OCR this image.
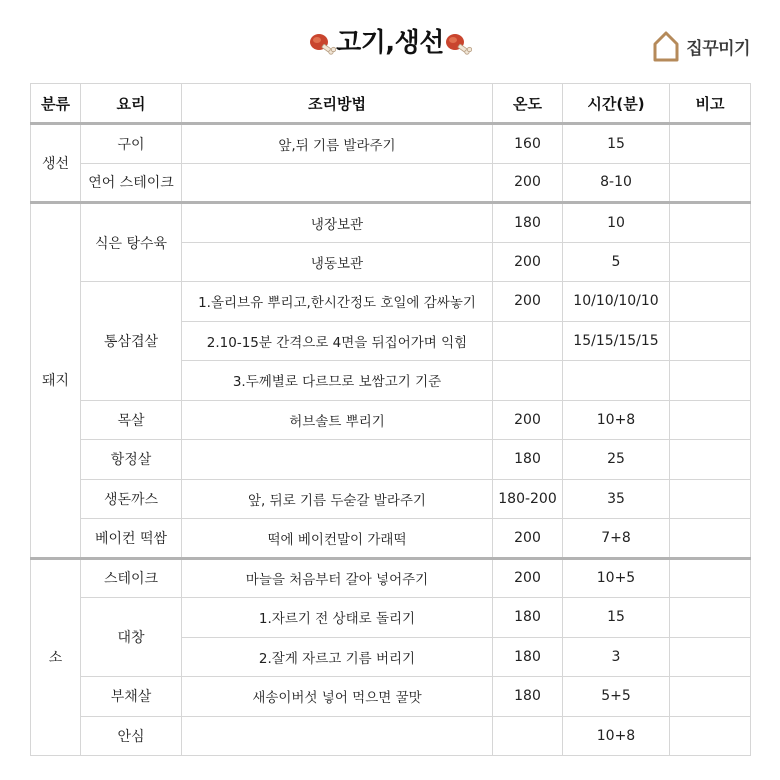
고기,생선	집꾸미기
분류	요리	조리방법	온도	시간(분)	비고
생선	구이	앞,뒤 기름 발라주기	160	15	
	연어 스테이크		200	8-10	
돼지	식은 탕수육	냉장보관	180	10	
		냉동보관	200	5	
	통삼겹살	1.올리브유 뿌리고,한시간정도 호일에 감싸놓기	200	10/10/10/10	
		2.10-15분 간격으로 4면을 뒤집어가며 익힘		15/15/15/15	
		3.두께별로 다르므로 보쌈고기 기준			
	목살	허브솔트 뿌리기	200	10+8	
	항정살		180	25	
	생돈까스	앞, 뒤로 기름 두숟갈 발라주기	180-200	35	
	베이컨 떡쌈	떡에 베이컨말이 가래떡	200	7+8	
소	스테이크	마늘을 처음부터 갈아 넣어주기	200	10+5	
	대창	1.자르기 전 상태로 돌리기	180	15	
		2.잘게 자르고 기름 버리기	180	3	
	부채살	새송이버섯 넣어 먹으면 꿀맛	180	5+5	
	안심			10+8	
